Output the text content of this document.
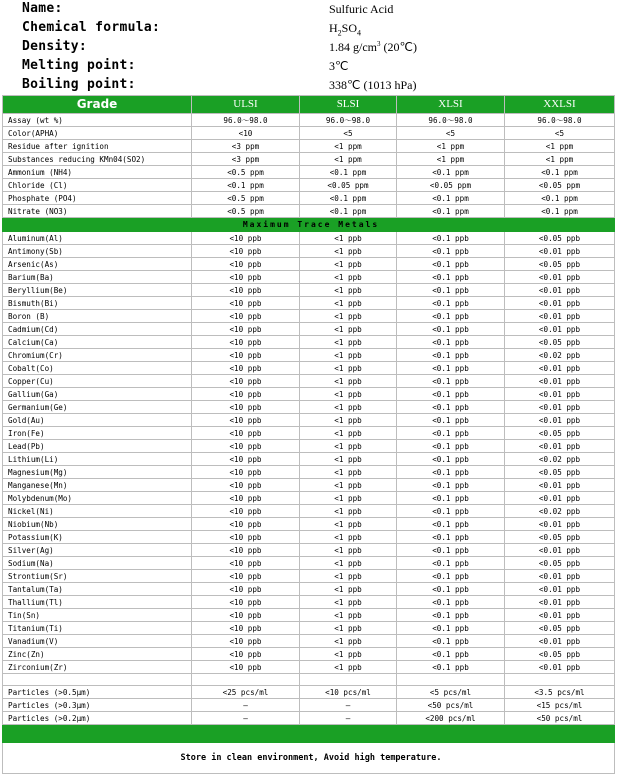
Name:	Sulfuric Acid
Chemical formula:	$H_2SO_4$
Density:	1.84 $g/cm^3$ (20℃)
Melting point:	3℃
Boiling point:	338℃ (1013 hPa)
Grade	ULSI	SLSI	XLSI	XXLSI
Assay (wt %)	96.0～98.0	96.0～98.0	96.0～98.0	96.0～98.0
Color(APHA)	<10	<5	<5	<5
Residue after ignition	<3 ppm	<1 ppm	<1 ppm	<1 ppm
Substances reducing KMn04(SO2)	<3 ppm	<1 ppm	<1 ppm	<1 ppm
Ammonium (NH4)	<0.5 ppm	<0.1 ppm	<0.1 ppm	<0.1 ppm
Chloride (Cl)	<0.1 ppm	<0.05 ppm	<0.05 ppm	<0.05 ppm
Phosphate (PO4)	<0.5 ppm	<0.1 ppm	<0.1 ppm	<0.1 ppm
Nitrate (NO3)	<0.5 ppm	<0.1 ppm	<0.1 ppm	<0.1 ppm
Maximum Trace Metals				
Aluminum(Al)	<10 ppb	<1 ppb	<0.1 ppb	<0.05 ppb
Antimony(Sb)	<10 ppb	<1 ppb	<0.1 ppb	<0.01 ppb
Arsenic(As)	<10 ppb	<1 ppb	<0.1 ppb	<0.05 ppb
Barium(Ba)	<10 ppb	<1 ppb	<0.1 ppb	<0.01 ppb
Beryllium(Be)	<10 ppb	<1 ppb	<0.1 ppb	<0.01 ppb
Bismuth(Bi)	<10 ppb	<1 ppb	<0.1 ppb	<0.01 ppb
Boron (B)	<10 ppb	<1 ppb	<0.1 ppb	<0.01 ppb
Cadmium(Cd)	<10 ppb	<1 ppb	<0.1 ppb	<0.01 ppb
Calcium(Ca)	<10 ppb	<1 ppb	<0.1 ppb	<0.05 ppb
Chromium(Cr)	<10 ppb	<1 ppb	<0.1 ppb	<0.02 ppb
Cobalt(Co)	<10 ppb	<1 ppb	<0.1 ppb	<0.01 ppb
Copper(Cu)	<10 ppb	<1 ppb	<0.1 ppb	<0.01 ppb
Gallium(Ga)	<10 ppb	<1 ppb	<0.1 ppb	<0.01 ppb
Germanium(Ge)	<10 ppb	<1 ppb	<0.1 ppb	<0.01 ppb
Gold(Au)	<10 ppb	<1 ppb	<0.1 ppb	<0.01 ppb
Iron(Fe)	<10 ppb	<1 ppb	<0.1 ppb	<0.05 ppb
Lead(Pb)	<10 ppb	<1 ppb	<0.1 ppb	<0.01 ppb
Lithium(Li)	<10 ppb	<1 ppb	<0.1 ppb	<0.02 ppb
Magnesium(Mg)	<10 ppb	<1 ppb	<0.1 ppb	<0.05 ppb
Manganese(Mn)	<10 ppb	<1 ppb	<0.1 ppb	<0.01 ppb
Molybdenum(Mo)	<10 ppb	<1 ppb	<0.1 ppb	<0.01 ppb
Nickel(Ni)	<10 ppb	<1 ppb	<0.1 ppb	<0.02 ppb
Niobium(Nb)	<10 ppb	<1 ppb	<0.1 ppb	<0.01 ppb
Potassium(K)	<10 ppb	<1 ppb	<0.1 ppb	<0.05 ppb
Silver(Ag)	<10 ppb	<1 ppb	<0.1 ppb	<0.01 ppb
Sodium(Na)	<10 ppb	<1 ppb	<0.1 ppb	<0.05 ppb
Strontium(Sr)	<10 ppb	<1 ppb	<0.1 ppb	<0.01 ppb
Tantalum(Ta)	<10 ppb	<1 ppb	<0.1 ppb	<0.01 ppb
Thallium(Tl)	<10 ppb	<1 ppb	<0.1 ppb	<0.01 ppb
Tin(Sn)	<10 ppb	<1 ppb	<0.1 ppb	<0.01 ppb
Titanium(Ti)	<10 ppb	<1 ppb	<0.1 ppb	<0.05 ppb
Vanadium(V)	<10 ppb	<1 ppb	<0.1 ppb	<0.01 ppb
Zinc(Zn)	<10 ppb	<1 ppb	<0.1 ppb	<0.05 ppb
Zirconium(Zr)	<10 ppb	<1 ppb	<0.1 ppb	<0.01 ppb

Particles (>0.5μm)	<25 pcs/ml	<10 pcs/ml	<5 pcs/ml	<3.5 pcs/ml
Particles (>0.3μm)	—	—	<50 pcs/ml	<15 pcs/ml
Particles (>0.2μm)	—	—	<200 pcs/ml	<50 pcs/ml

Store in clean environment, Avoid high temperature.				
